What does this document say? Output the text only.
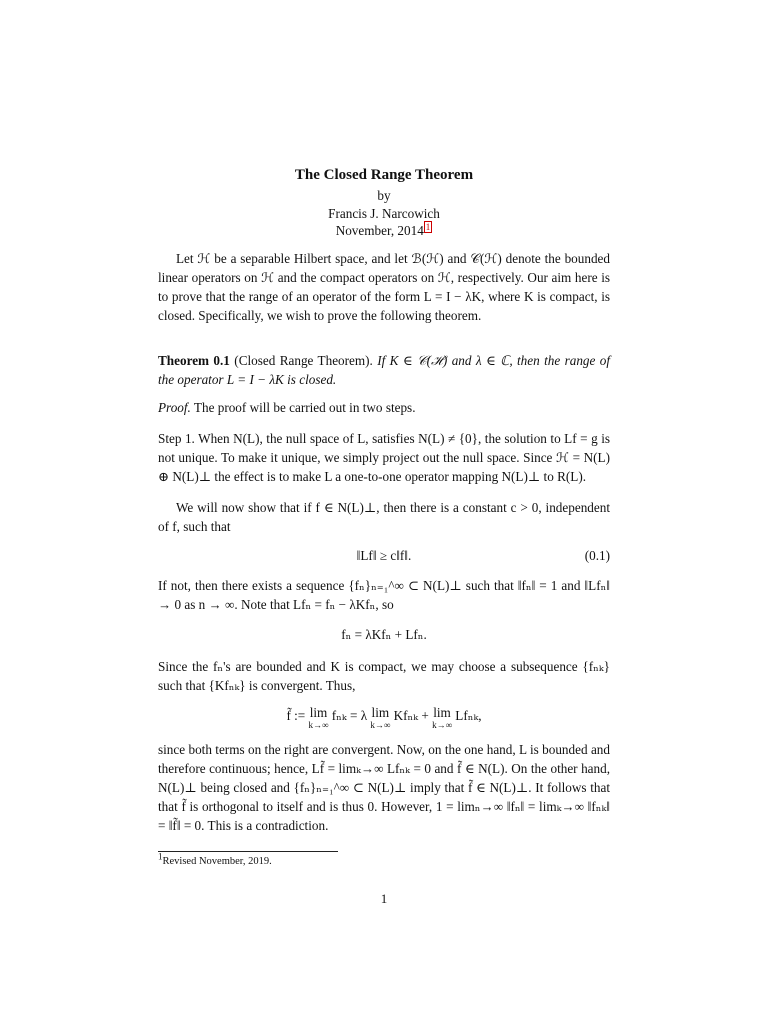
The Closed Range Theorem
by
Francis J. Narcowich
November, 2014 $^1$

Let ℋ be a separable Hilbert space, and let ℬ(ℋ) and 𝒞(ℋ) denote the bounded linear operators on ℋ and the compact operators on ℋ, respectively. Our aim here is to prove that the range of an operator of the form L = I − λK, where K is compact, is closed. Specifically, we wish to prove the following theorem.

Theorem 0.1 (Closed Range Theorem). If K ∈ 𝒞(ℋ) and λ ∈ ℂ, then the range of the operator L = I − λK is closed.

Proof. The proof will be carried out in two steps.

Step 1. When N(L), the null space of L, satisfies N(L) ≠ {0}, the solution to Lf = g is not unique. To make it unique, we simply project out the null space. Since ℋ = N(L) ⊕ N(L)⊥ the effect is to make L a one-to-one operator mapping N(L)⊥ to R(L).

We will now show that if f ∈ N(L)⊥, then there is a constant c > 0, independent of f, such that

‖Lf‖ ≥ c‖f‖.	(0.1)

If not, then there exists a sequence {fₙ}ₙ₌₁^∞ ⊂ N(L)⊥ such that ‖fₙ‖ = 1 and ‖Lfₙ‖ → 0 as n → ∞. Note that Lfₙ = fₙ − λKfₙ, so

fₙ = λKfₙ + Lfₙ.

Since the fₙ's are bounded and K is compact, we may choose a subsequence {fₙₖ} such that {Kfₙₖ} is convergent. Thus,

f̃ := lim
k→∞
fₙₖ = λ lim
k→∞
Kfₙₖ + lim
k→∞
Lfₙₖ,

since both terms on the right are convergent. Now, on the one hand, L is bounded and therefore continuous; hence, Lf̃ = limₖ→∞ Lfₙₖ = 0 and f̃ ∈ N(L). On the other hand, N(L)⊥ being closed and {fₙ}ₙ₌₁^∞ ⊂ N(L)⊥ imply that f̃ ∈ N(L)⊥. It follows that that f̃ is orthogonal to itself and is thus 0. However, 1 = limₙ→∞ ‖fₙ‖ = limₖ→∞ ‖fₙₖ‖ = ‖f̃‖ = 0. This is a contradiction.

$^1$Revised November, 2019.
1
